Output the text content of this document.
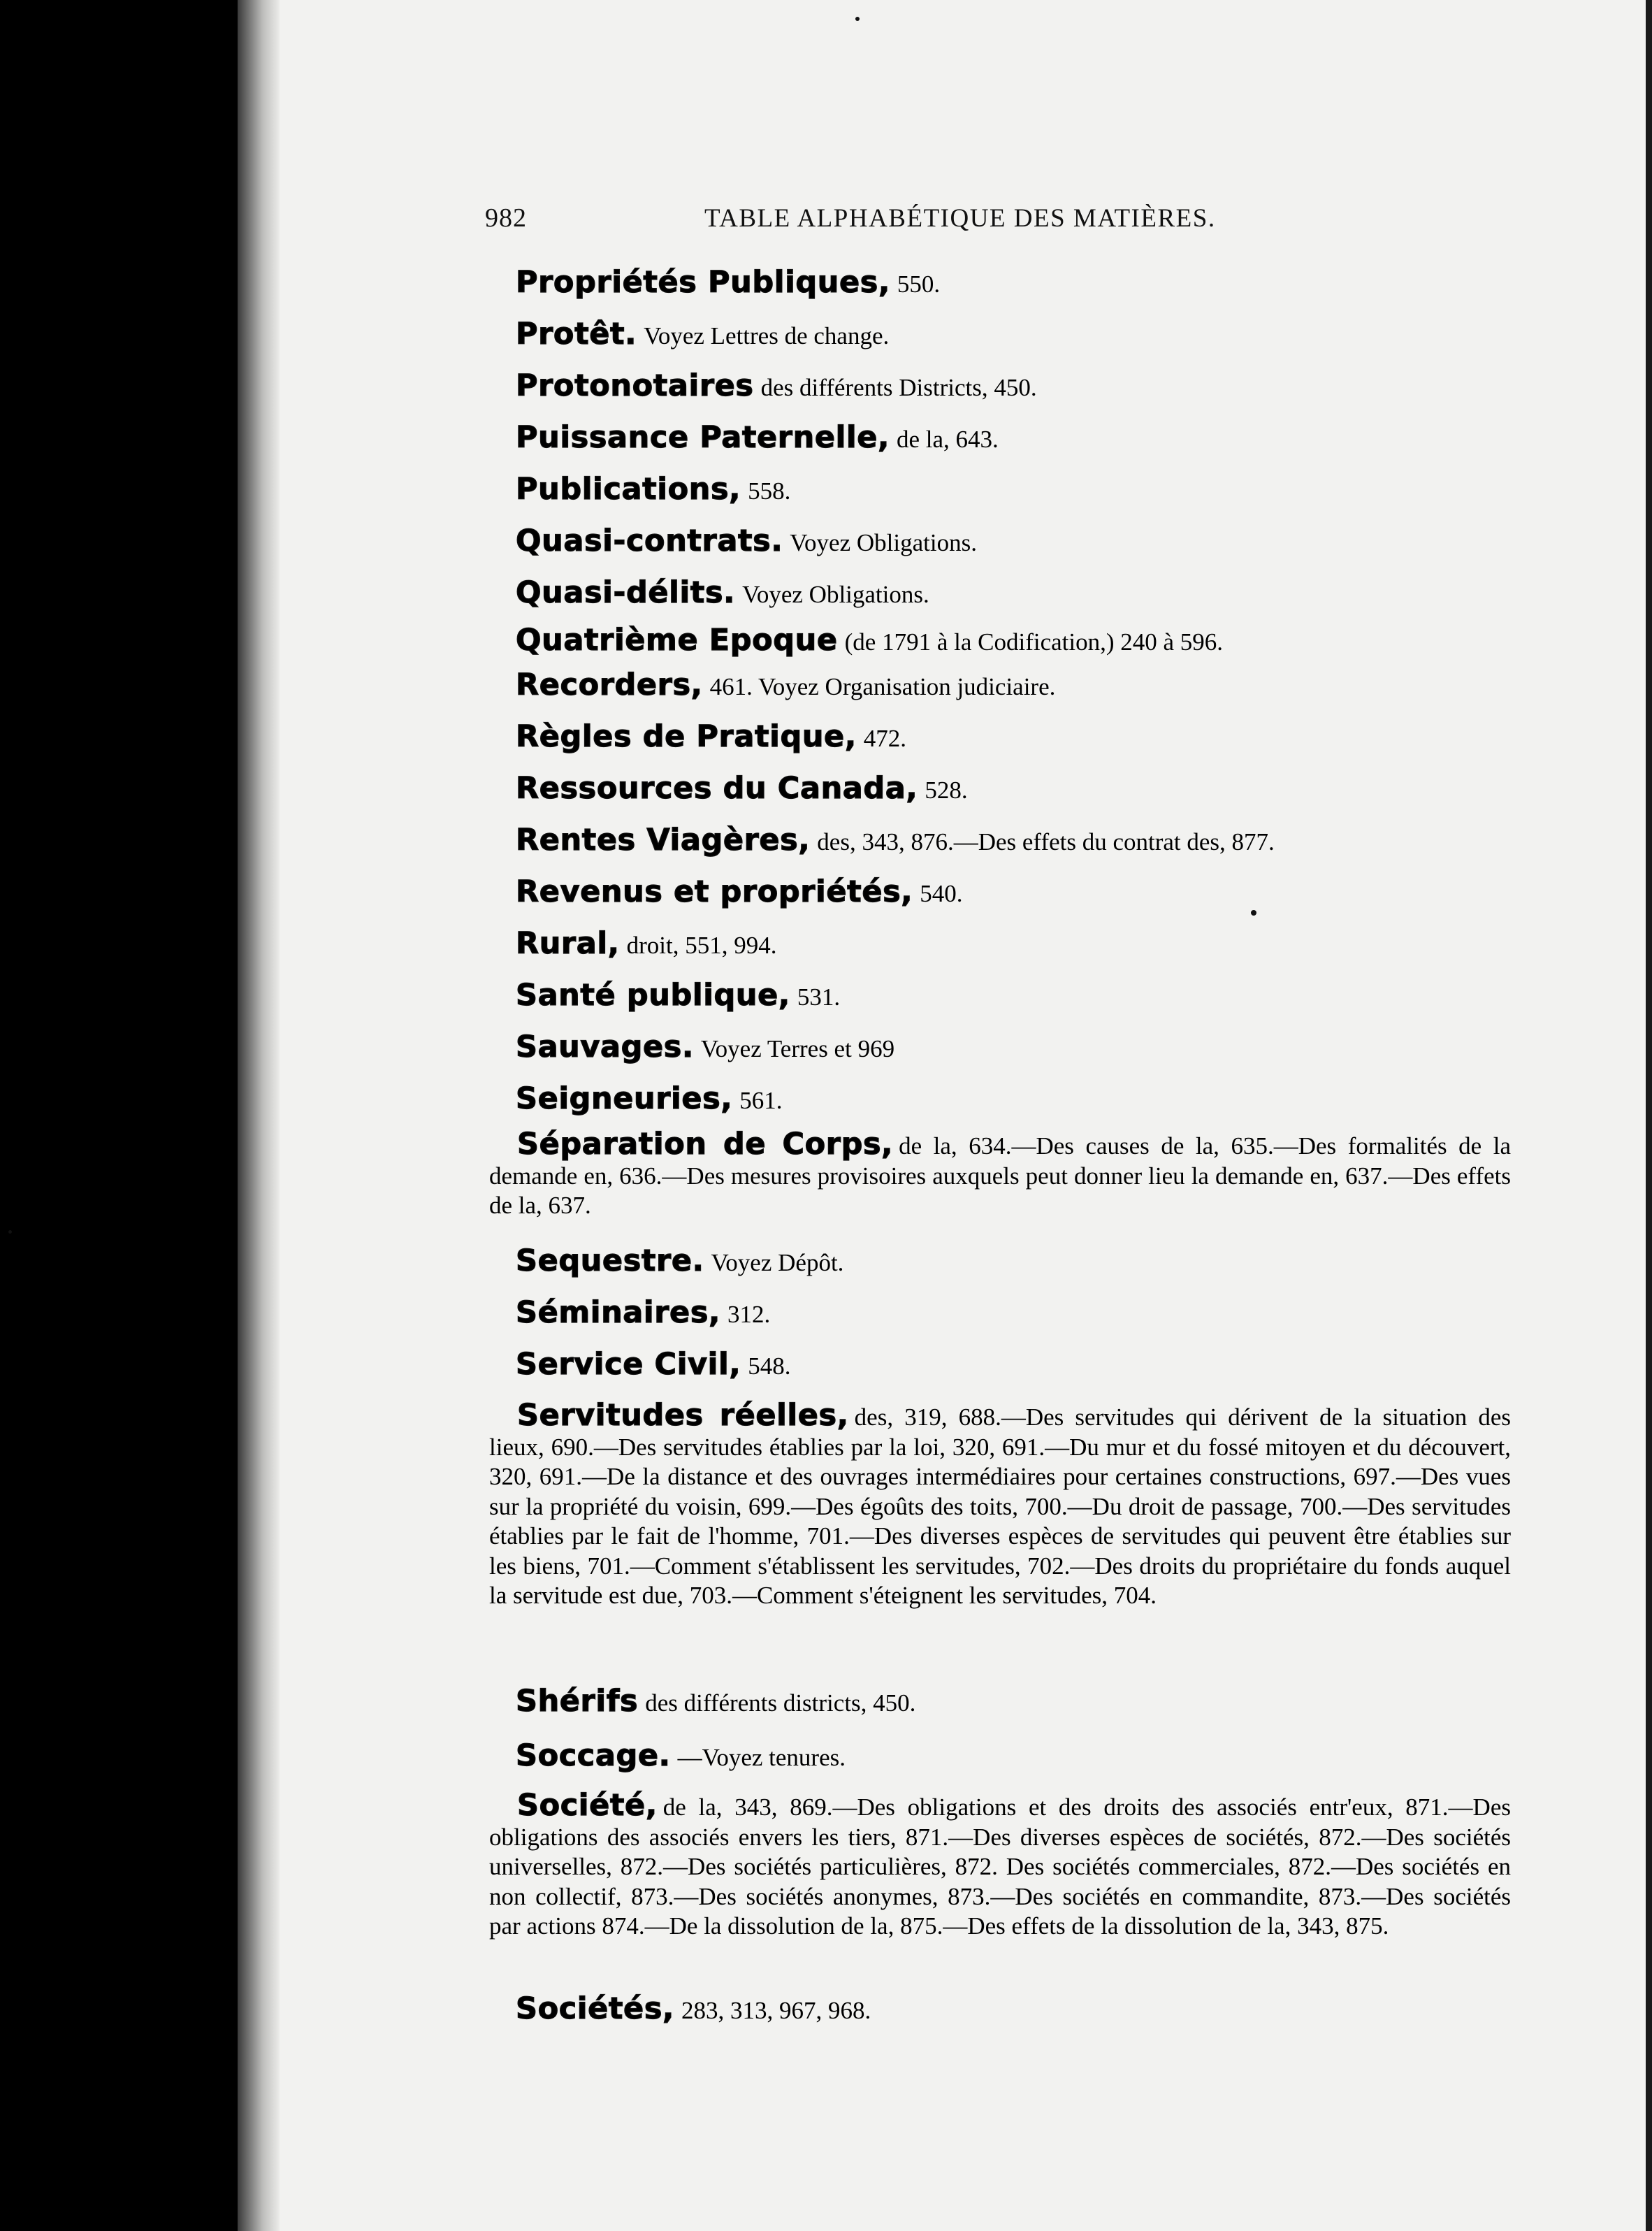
982	TABLE ALPHABÉTIQUE DES MATIÈRES.
Propriétés Publiques, 550.
Protêt. Voyez Lettres de change.
Protonotaires des différents Districts, 450.
Puissance Paternelle, de la, 643.
Publications, 558.
Quasi-contrats. Voyez Obligations.
Quasi-délits. Voyez Obligations.
Quatrième Epoque (de 1791 à la Codification,) 240 à 596.
Recorders, 461. Voyez Organisation judiciaire.
Règles de Pratique, 472.
Ressources du Canada, 528.
Rentes Viagères, des, 343, 876.—Des effets du contrat des, 877.
Revenus et propriétés, 540.
Rural, droit, 551, 994.
Santé publique, 531.
Sauvages. Voyez Terres et 969
Seigneuries, 561.
Séparation de Corps, de la, 634.—Des causes de la, 635.—Des formalités de la demande en, 636.—Des mesures provisoires auxquels peut donner lieu la demande en, 637.—Des effets de la, 637.
Sequestre. Voyez Dépôt.
Séminaires, 312.
Service Civil, 548.
Servitudes réelles, des, 319, 688.—Des servitudes qui dérivent de la situation des lieux, 690.—Des servitudes établies par la loi, 320, 691.—Du mur et du fossé mitoyen et du découvert, 320, 691.—De la distance et des ouvrages intermédiaires pour certaines constructions, 697.—Des vues sur la propriété du voisin, 699.—Des égoûts des toits, 700.—Du droit de passage, 700.—Des servitudes établies par le fait de l'homme, 701.—Des diverses espèces de servitudes qui peuvent être établies sur les biens, 701.—Comment s'établissent les servitudes, 702.—Des droits du propriétaire du fonds auquel la servitude est due, 703.—Comment s'éteignent les servitudes, 704.
Shérifs des différents districts, 450.
Soccage. —Voyez tenures.
Société, de la, 343, 869.—Des obligations et des droits des associés entr'eux, 871.—Des obligations des associés envers les tiers, 871.—Des diverses espèces de sociétés, 872.—Des sociétés universelles, 872.—Des sociétés particulières, 872. Des sociétés commerciales, 872.—Des sociétés en non collectif, 873.—Des sociétés anonymes, 873.—Des sociétés en commandite, 873.—Des sociétés par actions 874.—De la dissolution de la, 875.—Des effets de la dissolution de la, 343, 875.
Sociétés, 283, 313, 967, 968.
